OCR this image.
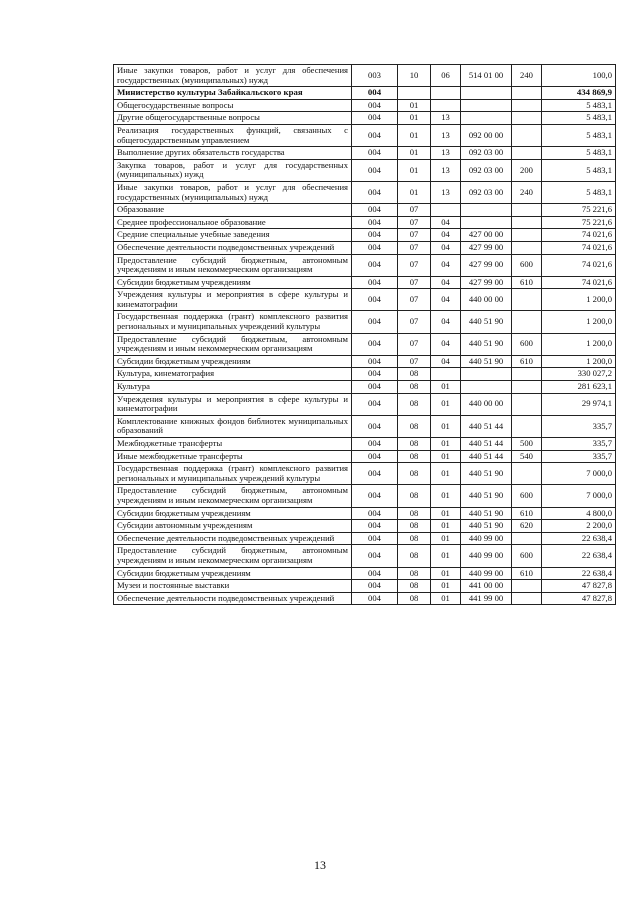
Иные закупки товаров, работ и услуг для обеспечения государственных (муниципальных) нужд	003	10	06	514 01 00	240	100,0
Министерство культуры Забайкальского края	004					434 869,9
Общегосударственные вопросы	004	01				5 483,1
Другие общегосударственные вопросы	004	01	13			5 483,1
Реализация государственных функций, связанных с общегосударственным управлением	004	01	13	092 00 00		5 483,1
Выполнение других обязательств государства	004	01	13	092 03 00		5 483,1
Закупка товаров, работ и услуг для государственных (муниципальных) нужд	004	01	13	092 03 00	200	5 483,1
Иные закупки товаров, работ и услуг для обеспечения государственных (муниципальных) нужд	004	01	13	092 03 00	240	5 483,1
Образование	004	07				75 221,6
Среднее профессиональное образование	004	07	04			75 221,6
Средние специальные учебные заведения	004	07	04	427 00 00		74 021,6
Обеспечение деятельности подведомственных учреждений	004	07	04	427 99 00		74 021,6
Предоставление субсидий бюджетным, автономным учреждениям и иным некоммерческим организациям	004	07	04	427 99 00	600	74 021,6
Субсидии бюджетным учреждениям	004	07	04	427 99 00	610	74 021,6
Учреждения культуры и мероприятия в сфере культуры и кинематографии	004	07	04	440 00 00		1 200,0
Государственная поддержка (грант) комплексного развития региональных и муниципальных учреждений культуры	004	07	04	440 51 90		1 200,0
Предоставление субсидий бюджетным, автономным учреждениям и иным некоммерческим организациям	004	07	04	440 51 90	600	1 200,0
Субсидии бюджетным учреждениям	004	07	04	440 51 90	610	1 200,0
Культура, кинематография	004	08				330 027,2
Культура	004	08	01			281 623,1
Учреждения культуры и мероприятия в сфере культуры и кинематографии	004	08	01	440 00 00		29 974,1
Комплектование книжных фондов библиотек муниципальных образований	004	08	01	440 51 44		335,7
Межбюджетные трансферты	004	08	01	440 51 44	500	335,7
Иные межбюджетные трансферты	004	08	01	440 51 44	540	335,7
Государственная поддержка (грант) комплексного развития региональных и муниципальных учреждений культуры	004	08	01	440 51 90		7 000,0
Предоставление субсидий бюджетным, автономным учреждениям и иным некоммерческим организациям	004	08	01	440 51 90	600	7 000,0
Субсидии бюджетным учреждениям	004	08	01	440 51 90	610	4 800,0
Субсидии автономным учреждениям	004	08	01	440 51 90	620	2 200,0
Обеспечение деятельности подведомственных учреждений	004	08	01	440 99 00		22 638,4
Предоставление субсидий бюджетным, автономным учреждениям и иным некоммерческим организациям	004	08	01	440 99 00	600	22 638,4
Субсидии бюджетным учреждениям	004	08	01	440 99 00	610	22 638,4
Музеи и постоянные выставки	004	08	01	441 00 00		47 827,8
Обеспечение деятельности подведомственных учреждений	004	08	01	441 99 00		47 827,8
13
